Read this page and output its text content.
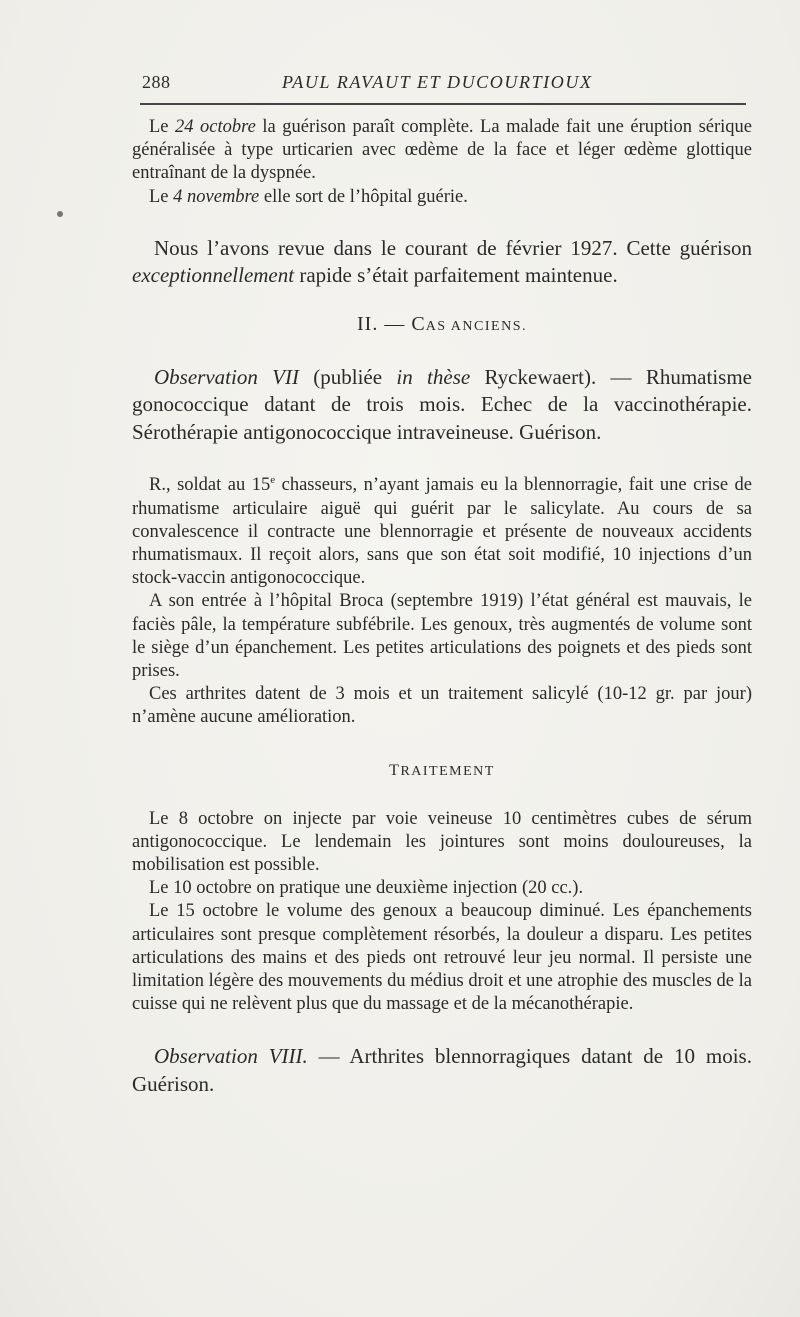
288	PAUL RAVAUT ET DUCOURTIOUX

Le 24 octobre la guérison paraît complète. La malade fait une éruption sérique généralisée à type urticarien avec œdème de la face et léger œdème glottique entraînant de la dyspnée.

Le 4 novembre elle sort de l’hôpital guérie.

Nous l’avons revue dans le courant de février 1927. Cette guérison exceptionnellement rapide s’était parfaitement maintenue.

II. — CAS ANCIENS.

Observation VII (publiée in thèse Ryckewaert). — Rhumatisme gonococcique datant de trois mois. Echec de la vaccinothérapie. Sérothérapie antigonococcique intraveineuse. Guérison.

R., soldat au 15e chasseurs, n’ayant jamais eu la blennorragie, fait une crise de rhumatisme articulaire aiguë qui guérit par le salicylate. Au cours de sa convalescence il contracte une blennorragie et présente de nouveaux accidents rhumatismaux. Il reçoit alors, sans que son état soit modifié, 10 injections d’un stock-vaccin antigonococcique.

A son entrée à l’hôpital Broca (septembre 1919) l’état général est mauvais, le faciès pâle, la température subfébrile. Les genoux, très augmentés de volume sont le siège d’un épanchement. Les petites articulations des poignets et des pieds sont prises.

Ces arthrites datent de 3 mois et un traitement salicylé (10-12 gr. par jour) n’amène aucune amélioration.

TRAITEMENT

Le 8 octobre on injecte par voie veineuse 10 centimètres cubes de sérum antigonococcique. Le lendemain les jointures sont moins douloureuses, la mobilisation est possible.

Le 10 octobre on pratique une deuxième injection (20 cc.).

Le 15 octobre le volume des genoux a beaucoup diminué. Les épanchements articulaires sont presque complètement résorbés, la douleur a disparu. Les petites articulations des mains et des pieds ont retrouvé leur jeu normal. Il persiste une limitation légère des mouvements du médius droit et une atrophie des muscles de la cuisse qui ne relèvent plus que du massage et de la mécanothérapie.

Observation VIII. — Arthrites blennorragiques datant de 10 mois. Guérison.
